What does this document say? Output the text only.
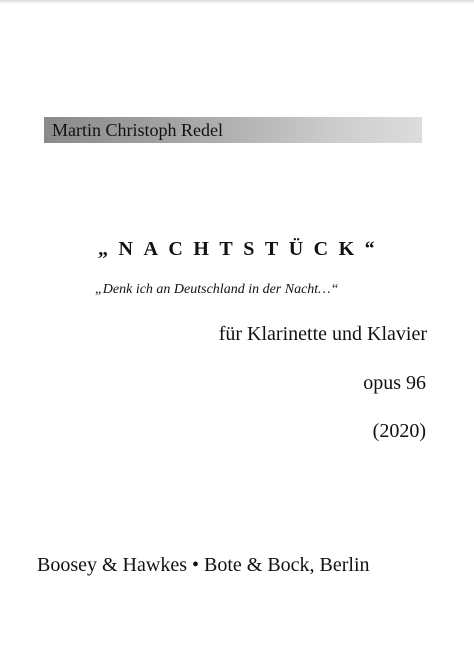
Martin Christoph Redel
„NACHTSTÜCK“
„Denk ich an Deutschland in der Nacht…“
für Klarinette und Klavier
opus 96
(2020)
Boosey & Hawkes • Bote & Bock, Berlin
